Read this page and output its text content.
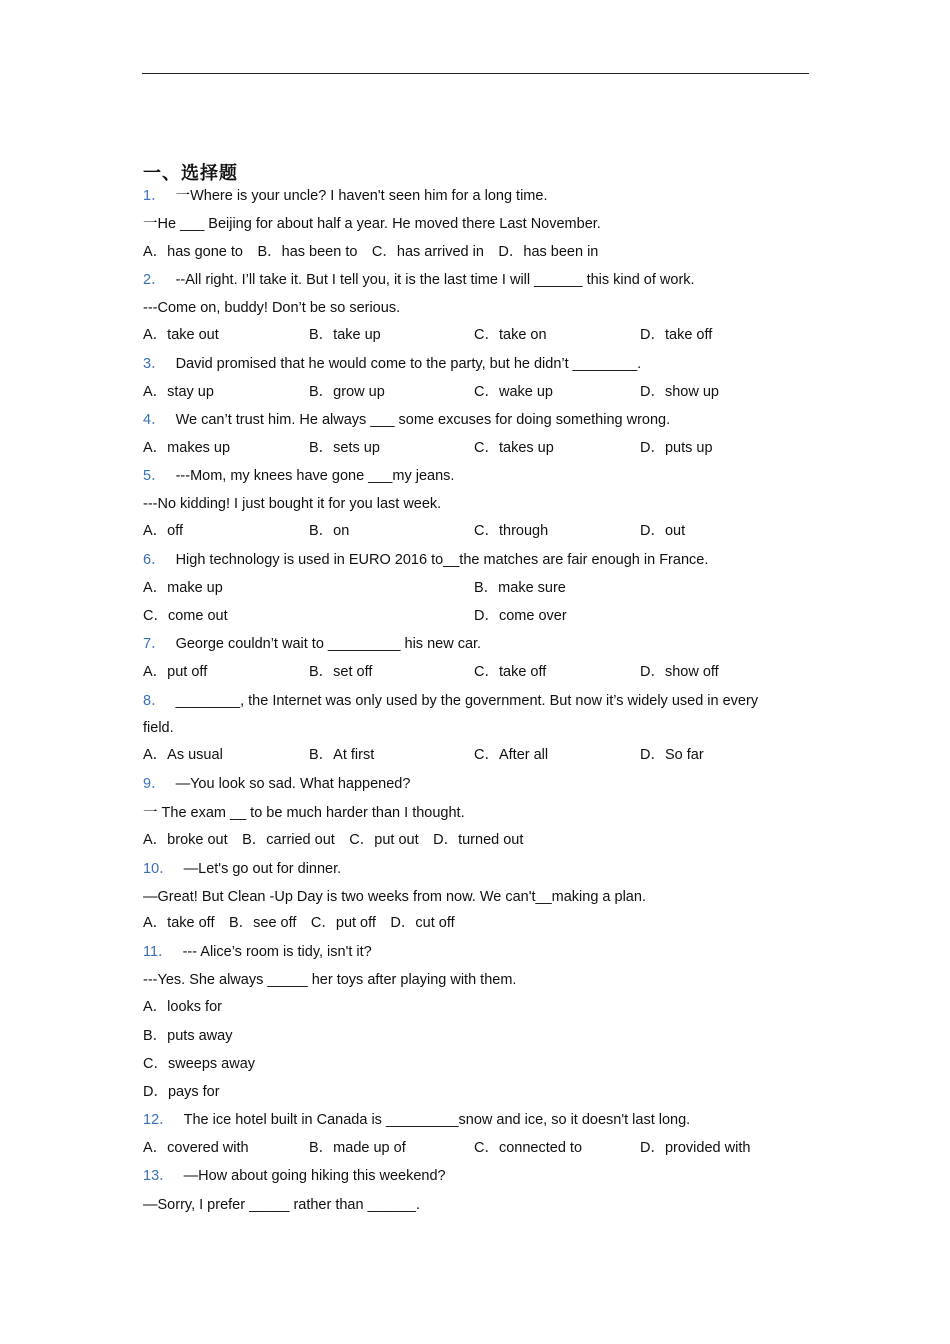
一、选择题
1． 一Where is your uncle? I haven't seen him for a long time.
一He ___ Beijing for about half a year. He moved there Last November.
A．has gone to　B．has been to　C．has arrived in　D．has been in
2． --All right. I’ll take it. But I tell you, it is the last time I will ______ this kind of work.
---Come on, buddy! Don’t be so serious.
A．take out	B．take up	C．take on	D．take off
3． David promised that he would come to the party, but he didn’t ________.
A．stay up	B．grow up	C．wake up	D．show up
4． We can’t trust him. He always ___ some excuses for doing something wrong.
A．makes up	B．sets up	C．takes up	D．puts up
5． ---Mom, my knees have gone ___my jeans.
---No kidding! I just bought it for you last week.
A．off	B．on	C．through	D．out
6． High technology is used in EURO 2016 to__the matches are fair enough in France.
A．make up	B．make sure
C．come out	D．come over
7． George couldn’t wait to _________ his new car.
A．put off	B．set off	C．take off	D．show off
8． ________, the Internet was only used by the government. But now it’s widely used in every
field.
A．As usual	B．At first	C．After all	D．So far
9． —You look so sad. What happened?
一 The exam __ to be much harder than I thought.
A．broke out　B．carried out　C．put out　D．turned out
10． —Let's go out for dinner.
—Great! But Clean -Up Day is two weeks from now. We can't__making a plan.
A．take off　B．see off　C．put off　D．cut off
11． --- Alice’s room is tidy, isn't it?
---Yes. She always _____ her toys after playing with them.
A．looks for
B．puts away
C．sweeps away
D．pays for
12． The ice hotel built in Canada is _________snow and ice, so it doesn't last long.
A．covered with	B．made up of	C．connected to	D．provided with
13． —How about going hiking this weekend?
—Sorry, I prefer _____ rather than ______.
